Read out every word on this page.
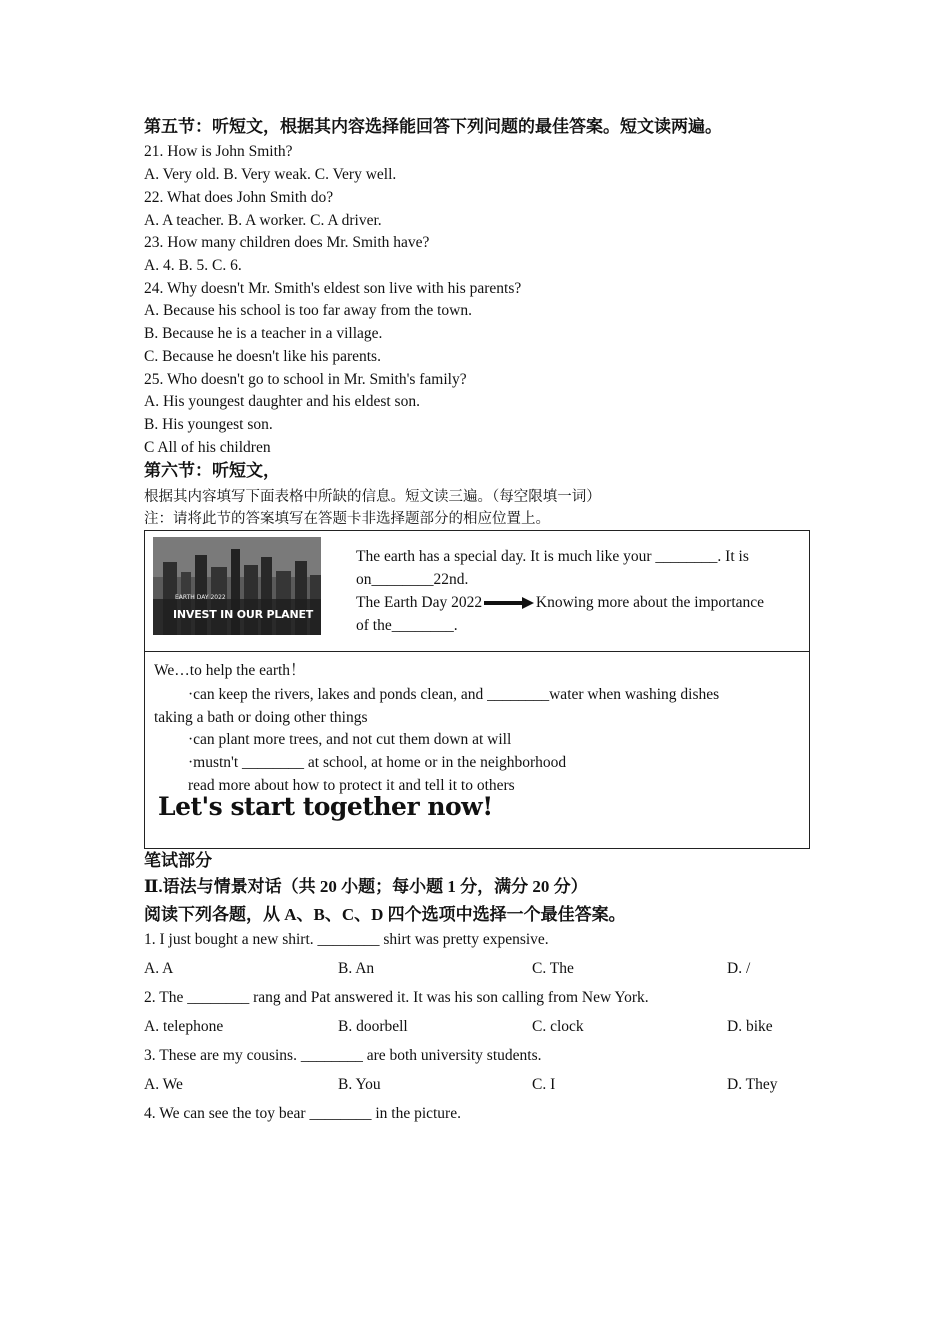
第五节：听短文，根据其内容选择能回答下列问题的最佳答案。短文读两遍。
21. How is John Smith?
A. Very old. B. Very weak. C. Very well.
22. What does John Smith do?
A. A teacher. B. A worker. C. A driver.
23. How many children does Mr. Smith have?
A. 4. B. 5. C. 6.
24. Why doesn't Mr. Smith's eldest son live with his parents?
A. Because his school is too far away from the town.
B. Because he is a teacher in a village.
C. Because he doesn't like his parents.
25. Who doesn't go to school in Mr. Smith's family?
A. His youngest daughter and his eldest son.
B. His youngest son.
C All of his children
第六节：听短文，
根据其内容填写下面表格中所缺的信息。短文读三遍。（每空限填一词）
注：请将此节的答案填写在答题卡非选择题部分的相应位置上。
EARTH DAY 2022
INVEST IN OUR PLANET
The earth has a special day. It is much like your ________. It is
on________22nd.
The Earth Day 2022	Knowing more about the importance
of the________.
We…to help the earth！
·can keep the rivers, lakes and ponds clean, and ________water when washing dishes
taking a bath or doing other things
·can plant more trees, and not cut them down at will
·mustn't ________ at school, at home or in the neighborhood
read more about how to protect it and tell it to others
Let's start together now!
笔试部分
Ⅱ.语法与情景对话（共 20 小题；每小题 1 分，满分 20 分）
阅读下列各题，从 A、B、C、D 四个选项中选择一个最佳答案。
1. I just bought a new shirt. ________ shirt was pretty expensive.
A. A	B. An	C. The	D. /
2. The ________ rang and Pat answered it. It was his son calling from New York.
A. telephone	B. doorbell	C. clock	D. bike
3. These are my cousins. ________ are both university students.
A. We	B. You	C. I	D. They
4. We can see the toy bear ________ in the picture.
